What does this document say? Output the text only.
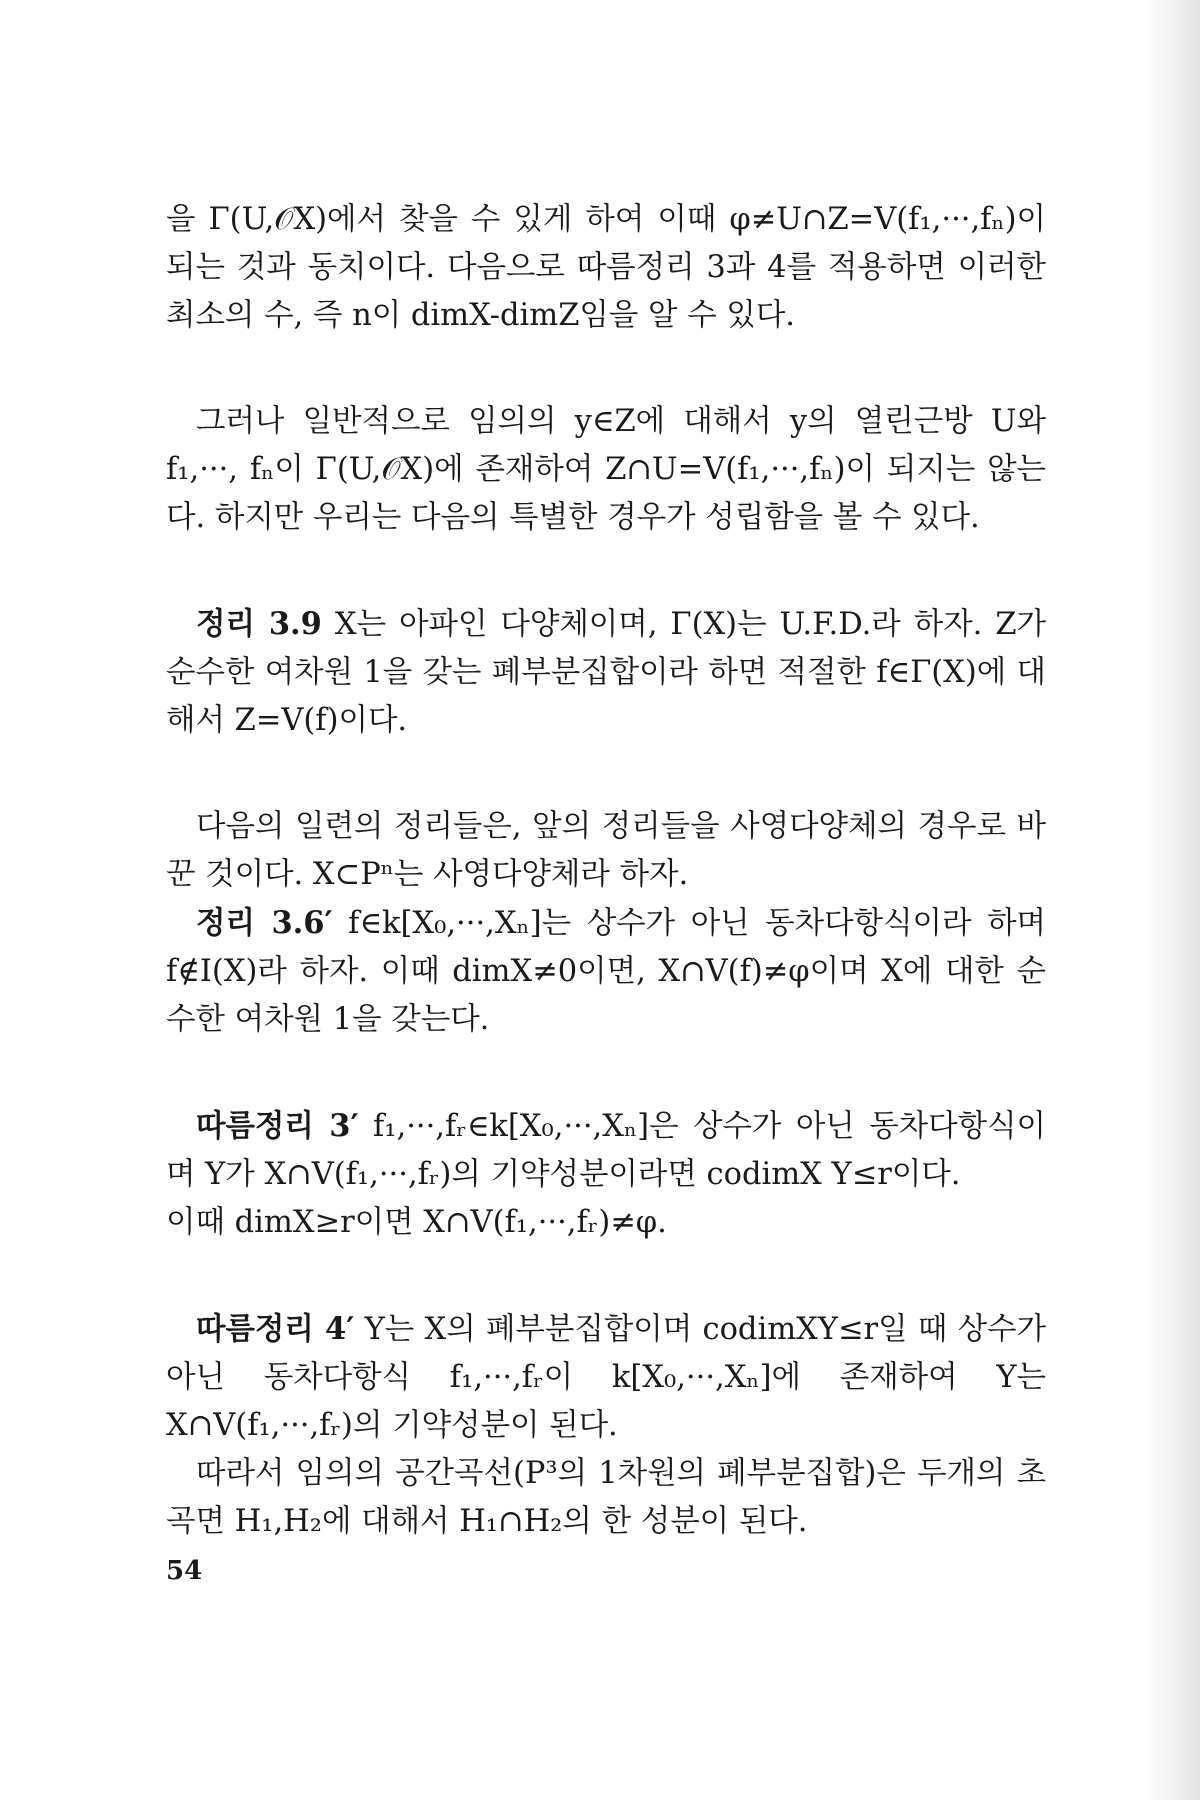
을 Γ(U,𝒪X)에서 찾을 수 있게 하여 이때 φ≠U∩Z=V(f₁,···,fₙ)이 되는 것과 동치이다. 다음으로 따름정리 3과 4를 적용하면 이러한 최소의 수, 즉 n이 dimX-dimZ임을 알 수 있다.

그러나 일반적으로 임의의 y∈Z에 대해서 y의 열린근방 U와 f₁,···, fₙ이 Γ(U,𝒪X)에 존재하여 Z∩U=V(f₁,···,fₙ)이 되지는 않는다. 하지만 우리는 다음의 특별한 경우가 성립함을 볼 수 있다.

정리 3.9 X는 아파인 다양체이며, Γ(X)는 U.F.D.라 하자. Z가 순수한 여차원 1을 갖는 폐부분집합이라 하면 적절한 f∈Γ(X)에 대해서 Z=V(f)이다.

다음의 일련의 정리들은, 앞의 정리들을 사영다양체의 경우로 바꾼 것이다. X⊂Pⁿ는 사영다양체라 하자.

정리 3.6′ f∈k[X₀,···,Xₙ]는 상수가 아닌 동차다항식이라 하며 f∉I(X)라 하자. 이때 dimX≠0이면, X∩V(f)≠φ이며 X에 대한 순수한 여차원 1을 갖는다.

따름정리 3′ f₁,···,fᵣ∈k[X₀,···,Xₙ]은 상수가 아닌 동차다항식이며 Y가 X∩V(f₁,···,fᵣ)의 기약성분이라면 codimX Y≤r이다.

이때 dimX≥r이면 X∩V(f₁,···,fᵣ)≠φ.

따름정리 4′ Y는 X의 폐부분집합이며 codimXY≤r일 때 상수가 아닌 동차다항식 f₁,···,fᵣ이 k[X₀,···,Xₙ]에 존재하여 Y는 X∩V(f₁,···,fᵣ)의 기약성분이 된다.

따라서 임의의 공간곡선(P³의 1차원의 폐부분집합)은 두개의 초곡면 H₁,H₂에 대해서 H₁∩H₂의 한 성분이 된다.

54
